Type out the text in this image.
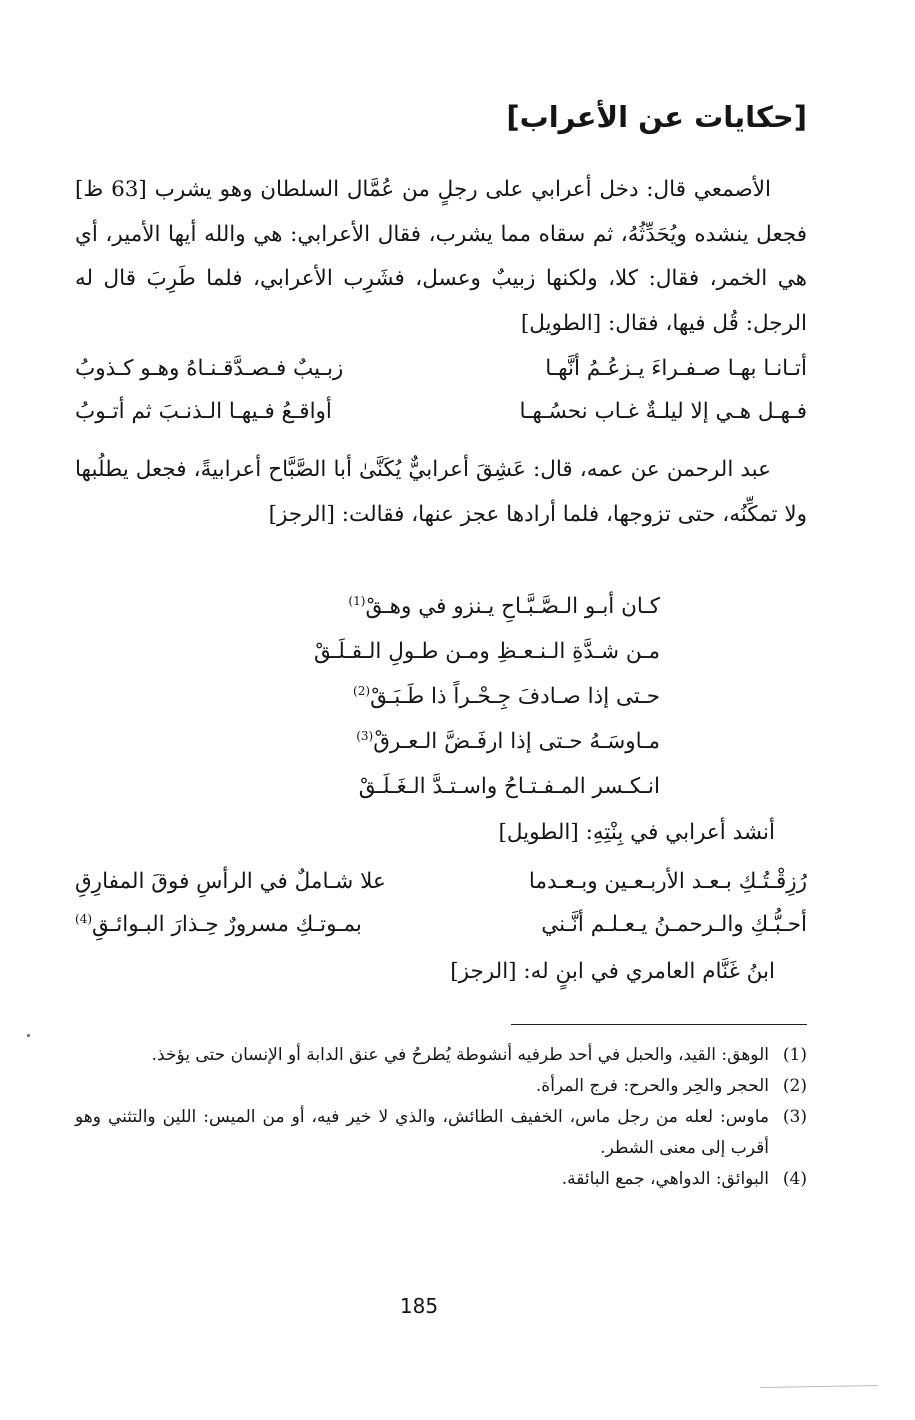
[حكايات عن الأعراب]

الأصمعي قال: دخل أعرابي على رجلٍ من عُمَّال السلطان وهو يشرب [63 ظ] فجعل ينشده ويُحَدِّثُهُ، ثم سقاه مما يشرب، فقال الأعرابي: هي والله أيها الأمير، أي هي الخمر، فقال: كلا، ولكنها زبيبٌ وعسل، فشَرِب الأعرابي، فلما طَرِبَ قال له الرجل: قُل فيها، فقال: [الطويل]

أتـانـا بهـا صـفـراءَ يـزعُـمُ أنَّهـا
زبـيبٌ فـصـدَّقـنـاهُ وهـو كـذوبُ
فـهـل هـي إلا ليلـةٌ غـاب نحسُـهـا
أواقـعُ فـيهـا الـذنـبَ ثم أتـوبُ

عبد الرحمن عن عمه، قال: عَشِقَ أعرابيٌّ يُكَنَّىٰ أبا الصَّبَّاح أعرابيةً، فجعل يطلُبها ولا تمكِّنُه، حتى تزوجها، فلما أرادها عجز عنها، فقالت: [الرجز]

كـان أبـو الـصَّـبَّـاحِ يـنزو في وهـقْ$^{(1)}$
مـن شـدَّةِ الـنـعـظِ ومـن طـولِ الـقـلَـقْ
حـتى إذا صـادفَ جِـحْـراً ذا طَـبَـقْ$^{(2)}$
مـاوسَـهُ حـتى إذا ارفَـضَّ الـعـرقْ$^{(3)}$
انـكـسر المـفـتـاحُ واسـتـدَّ الـغَـلَـقْ
أنشد أعرابي في بِنْتِهِ: [الطويل]
رُزِقْـتُـكِ بـعـد الأربـعـين وبـعـدما
علا شـاملٌ في الرأسِ فوقَ المفارِقِ
أحـبُّـكِ والـرحمـنُ يـعـلـم أنَّـني
بمـوتـكِ مسرورٌ حِـذارَ البـوائـقِ$^{(4)}$
ابنُ غَنَّام العامري في ابنٍ له: [الرجز]
(1)
الوهق: القيد، والحبل في أحد طرفيه أنشوطة يُطرحُ في عنق الدابة أو الإنسان حتى يؤخذ.
(2)
الحجر والحِر والحرح: فرج المرأة.
(3)
ماوس: لعله من رجل ماس، الخفيف الطائش، والذي لا خير فيه، أو من الميس: اللين والتثني وهو أقرب إلى معنى الشطر.
(4)
البوائق: الدواهي، جمع البائقة.
185
